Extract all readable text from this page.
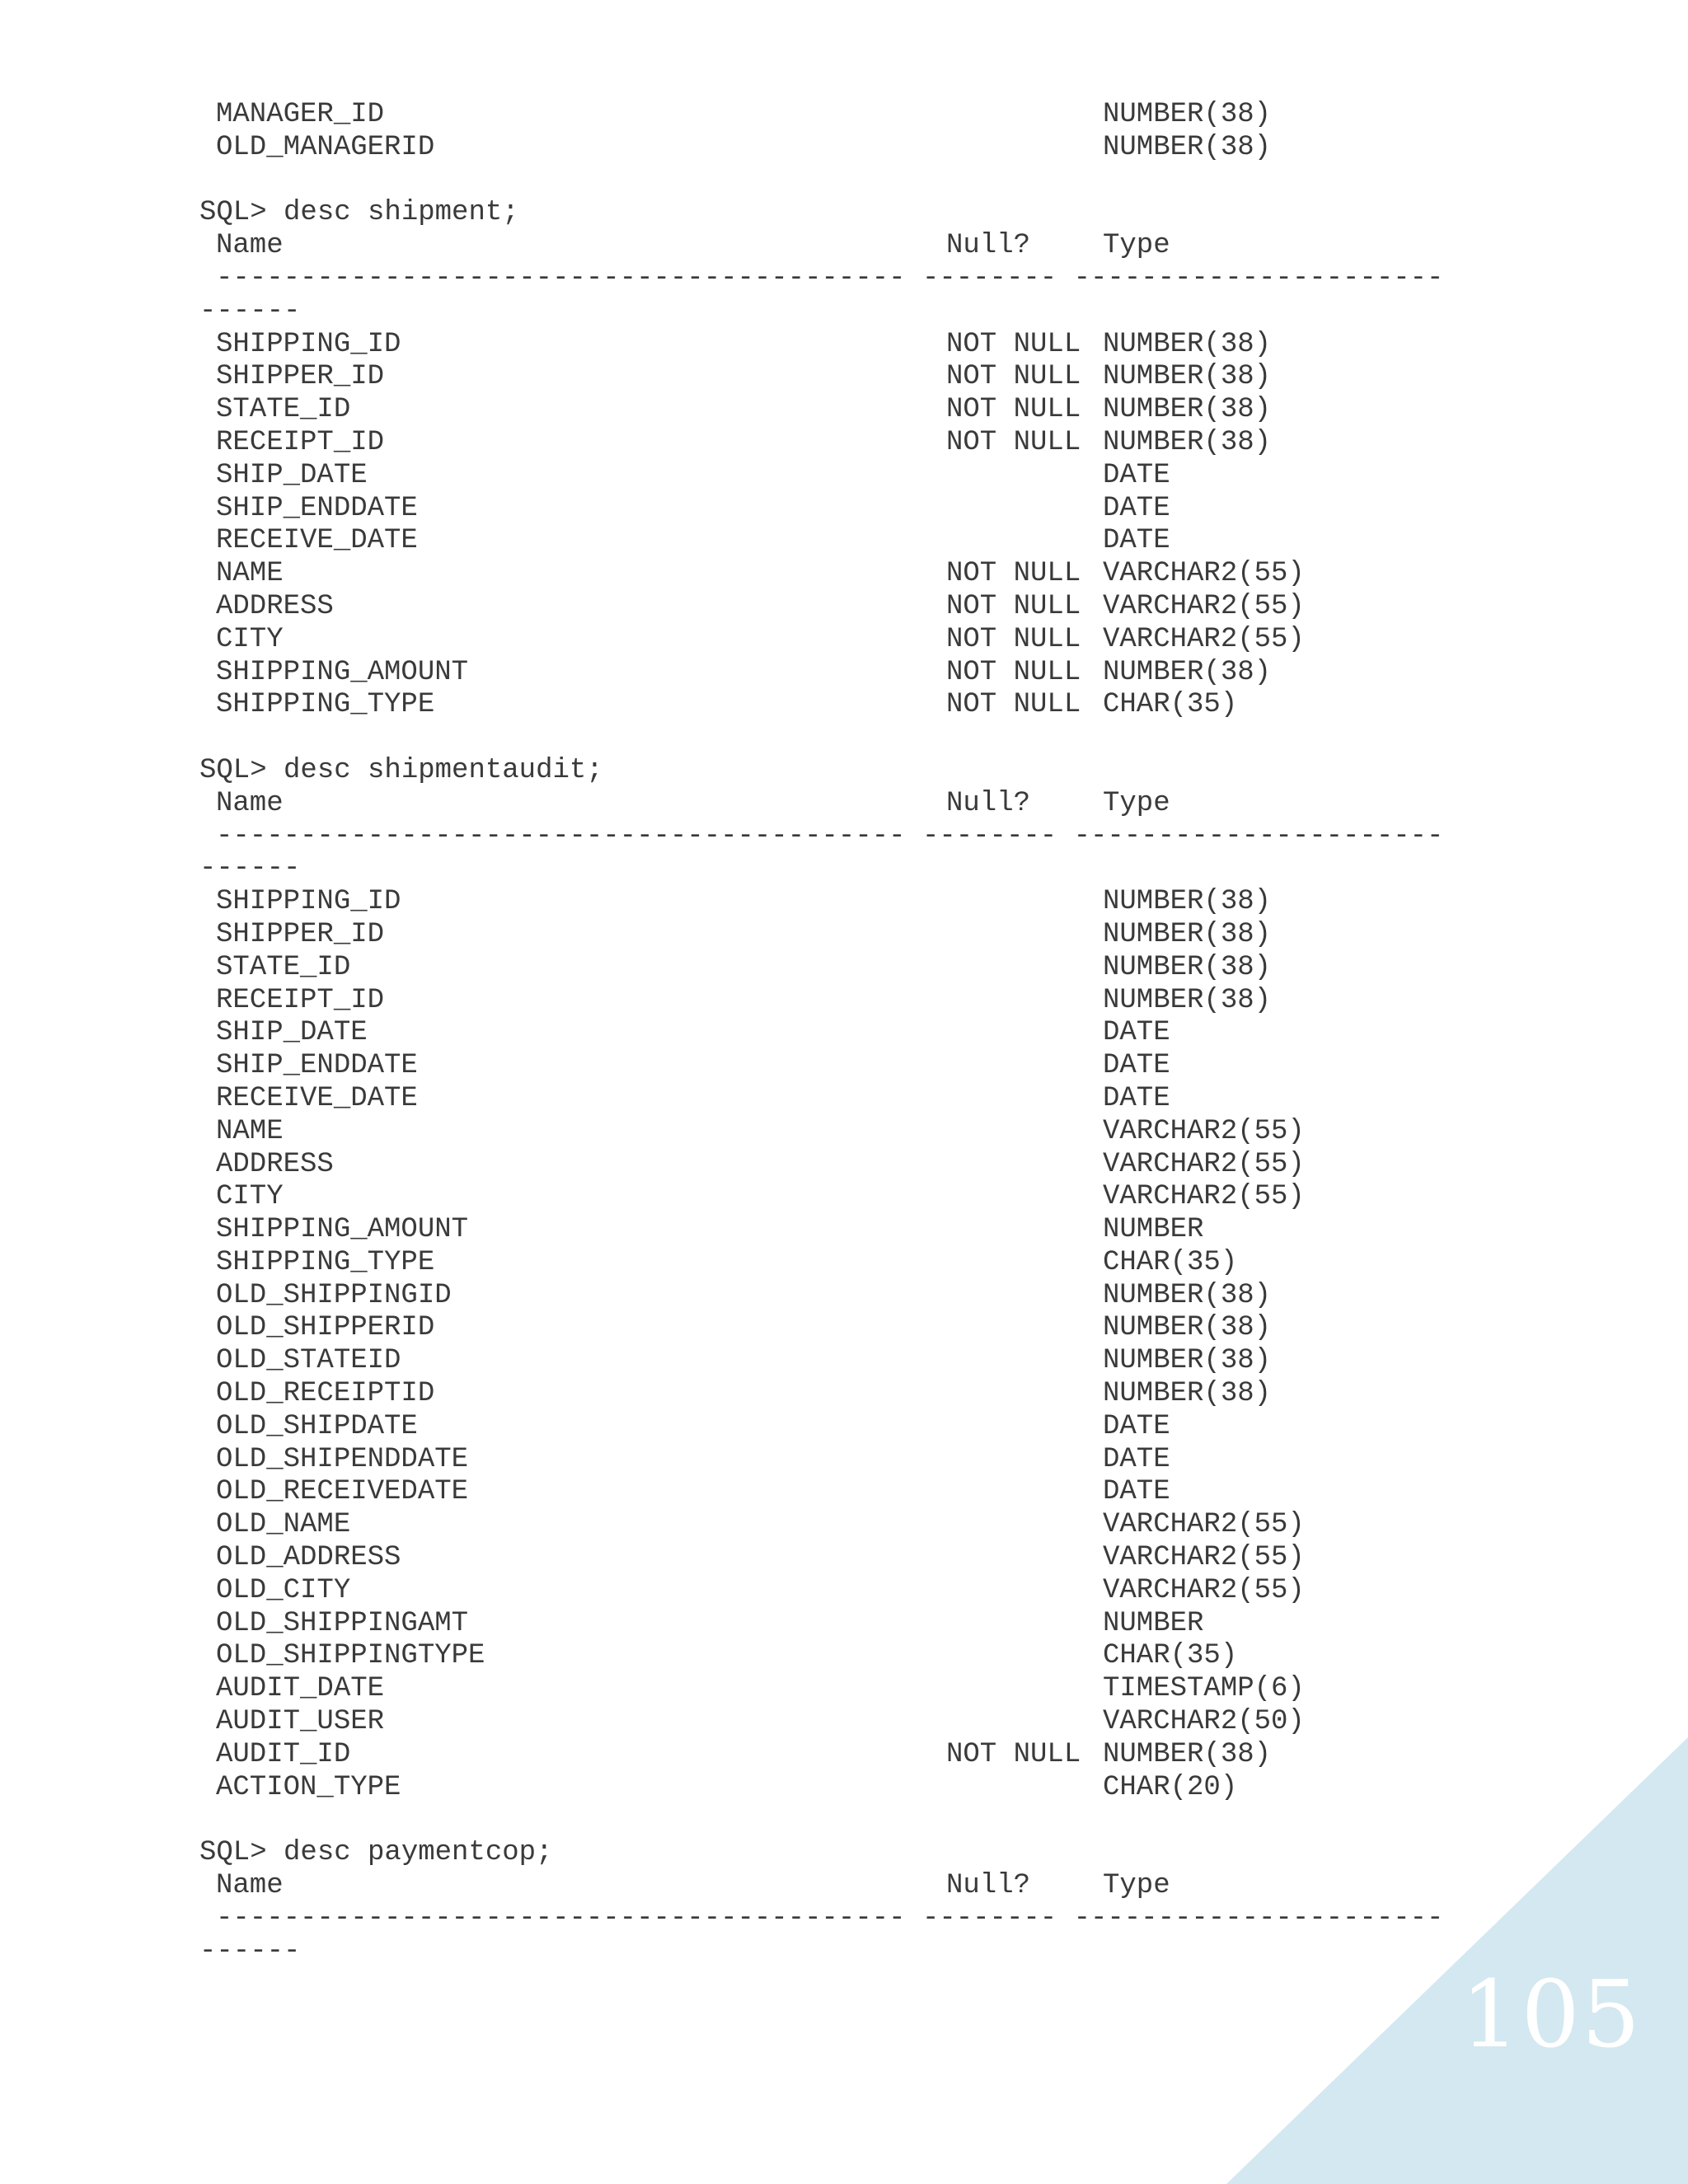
MANAGER_ID	NUMBER(38)
OLD_MANAGERID	NUMBER(38)
SQL> desc shipment;
Name	Null?	Type
----------------------------------------- -------- ----------------------
------
SHIPPING_ID	NOT NULL NUMBER(38)
SHIPPER_ID	NOT NULL NUMBER(38)
STATE_ID	NOT NULL NUMBER(38)
RECEIPT_ID	NOT NULL NUMBER(38)
SHIP_DATE	DATE
SHIP_ENDDATE	DATE
RECEIVE_DATE	DATE
NAME	NOT NULL VARCHAR2(55)
ADDRESS	NOT NULL VARCHAR2(55)
CITY	NOT NULL VARCHAR2(55)
SHIPPING_AMOUNT	NOT NULL NUMBER(38)
SHIPPING_TYPE	NOT NULL CHAR(35)
SQL> desc shipmentaudit;
Name	Null?	Type
----------------------------------------- -------- ----------------------
------
SHIPPING_ID	NUMBER(38)
SHIPPER_ID	NUMBER(38)
STATE_ID	NUMBER(38)
RECEIPT_ID	NUMBER(38)
SHIP_DATE	DATE
SHIP_ENDDATE	DATE
RECEIVE_DATE	DATE
NAME	VARCHAR2(55)
ADDRESS	VARCHAR2(55)
CITY	VARCHAR2(55)
SHIPPING_AMOUNT	NUMBER
SHIPPING_TYPE	CHAR(35)
OLD_SHIPPINGID	NUMBER(38)
OLD_SHIPPERID	NUMBER(38)
OLD_STATEID	NUMBER(38)
OLD_RECEIPTID	NUMBER(38)
OLD_SHIPDATE	DATE
OLD_SHIPENDDATE	DATE
OLD_RECEIVEDATE	DATE
OLD_NAME	VARCHAR2(55)
OLD_ADDRESS	VARCHAR2(55)
OLD_CITY	VARCHAR2(55)
OLD_SHIPPINGAMT	NUMBER
OLD_SHIPPINGTYPE	CHAR(35)
AUDIT_DATE	TIMESTAMP(6)
AUDIT_USER	VARCHAR2(50)
AUDIT_ID	NOT NULL NUMBER(38)
ACTION_TYPE	CHAR(20)
SQL> desc paymentcop;
Name	Null?	Type
----------------------------------------- -------- ----------------------
------
105
